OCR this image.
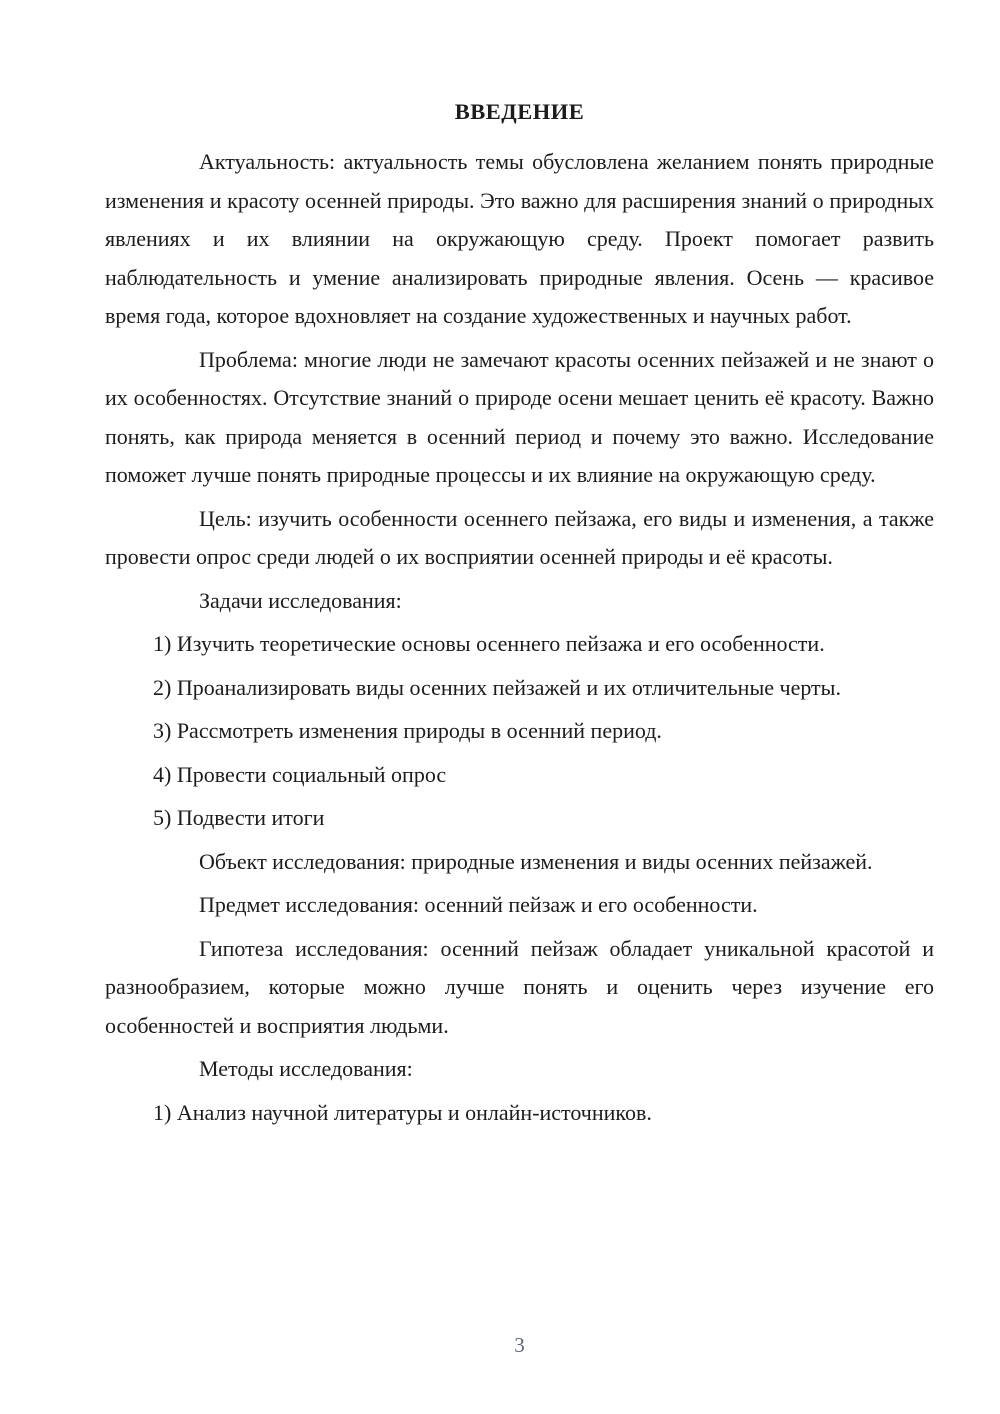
ВВЕДЕНИЕ

Актуальность: актуальность темы обусловлена желанием понять природные изменения и красоту осенней природы. Это важно для расширения знаний о природных явлениях и их влиянии на окружающую среду. Проект помогает развить наблюдательность и умение анализировать природные явления. Осень — красивое время года, которое вдохновляет на создание художественных и научных работ.

Проблема: многие люди не замечают красоты осенних пейзажей и не знают о их особенностях. Отсутствие знаний о природе осени мешает ценить её красоту. Важно понять, как природа меняется в осенний период и почему это важно. Исследование поможет лучше понять природные процессы и их влияние на окружающую среду.

Цель: изучить особенности осеннего пейзажа, его виды и изменения, а также провести опрос среди людей о их восприятии осенней природы и её красоты.

Задачи исследования:

1) Изучить теоретические основы осеннего пейзажа и его особенности.

2) Проанализировать виды осенних пейзажей и их отличительные черты.

3) Рассмотреть изменения природы в осенний период.

4) Провести социальный опрос

5) Подвести итоги

Объект исследования: природные изменения и виды осенних пейзажей.

Предмет исследования: осенний пейзаж и его особенности.

Гипотеза исследования: осенний пейзаж обладает уникальной красотой и разнообразием, которые можно лучше понять и оценить через изучение его особенностей и восприятия людьми.

Методы исследования:

1) Анализ научной литературы и онлайн-источников.

3
